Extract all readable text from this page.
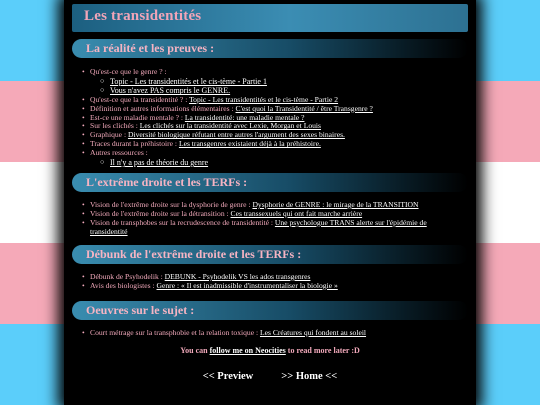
Les transidentités
La réalité et les preuves :
• Qu'est-ce que le genre ? :
○ Topic - Les transidentités et le cis-tème - Partie 1
○ Vous n'avez PAS compris le GENRE.
• Qu'est-ce que la transidentité ? : Topic - Les transidentités et le cis-tème - Partie 2
• Définition et autres informations élémentaires : C'est quoi la Transidentité / être Transgenre ?
• Est-ce une maladie mentale ? : La transidentité: une maladie mentale ?
• Sur les clichés : Les clichés sur la transidentité avec Lexie, Morgan et Louis
• Graphique : Diversité biologique réfutant entre autres l'argument des sexes binaires.
• Traces durant la préhistoire : Les transgenres existaient déjà à la préhistoire.
• Autres ressources :
○ Il n'y a pas de théorie du genre
L'extrême droite et les TERFs :
• Vision de l'extrême droite sur la dysphorie de genre : Dysphorie de GENRE : le mirage de la TRANSITION
• Vision de l'extrême droite sur la détransition : Ces transsexuels qui ont fait marche arrière
• Vision de transphobes sur la recrudescence de transidentité : Une psychologue TRANS alerte sur l'épidémie de transidentité
Débunk de l'extrême droite et les TERFs :
• Débunk de Psyhodelik : DEBUNK - Psyhodelik VS les ados transgenres
• Avis des biologistes : Genre : « Il est inadmissible d'instrumentaliser la biologie »
Oeuvres sur le sujet :
• Court métrage sur la transphobie et la relation toxique : Les Créatures qui fondent au soleil
You can follow me on Neocities to read more later :D
<< Preview	>> Home <<
